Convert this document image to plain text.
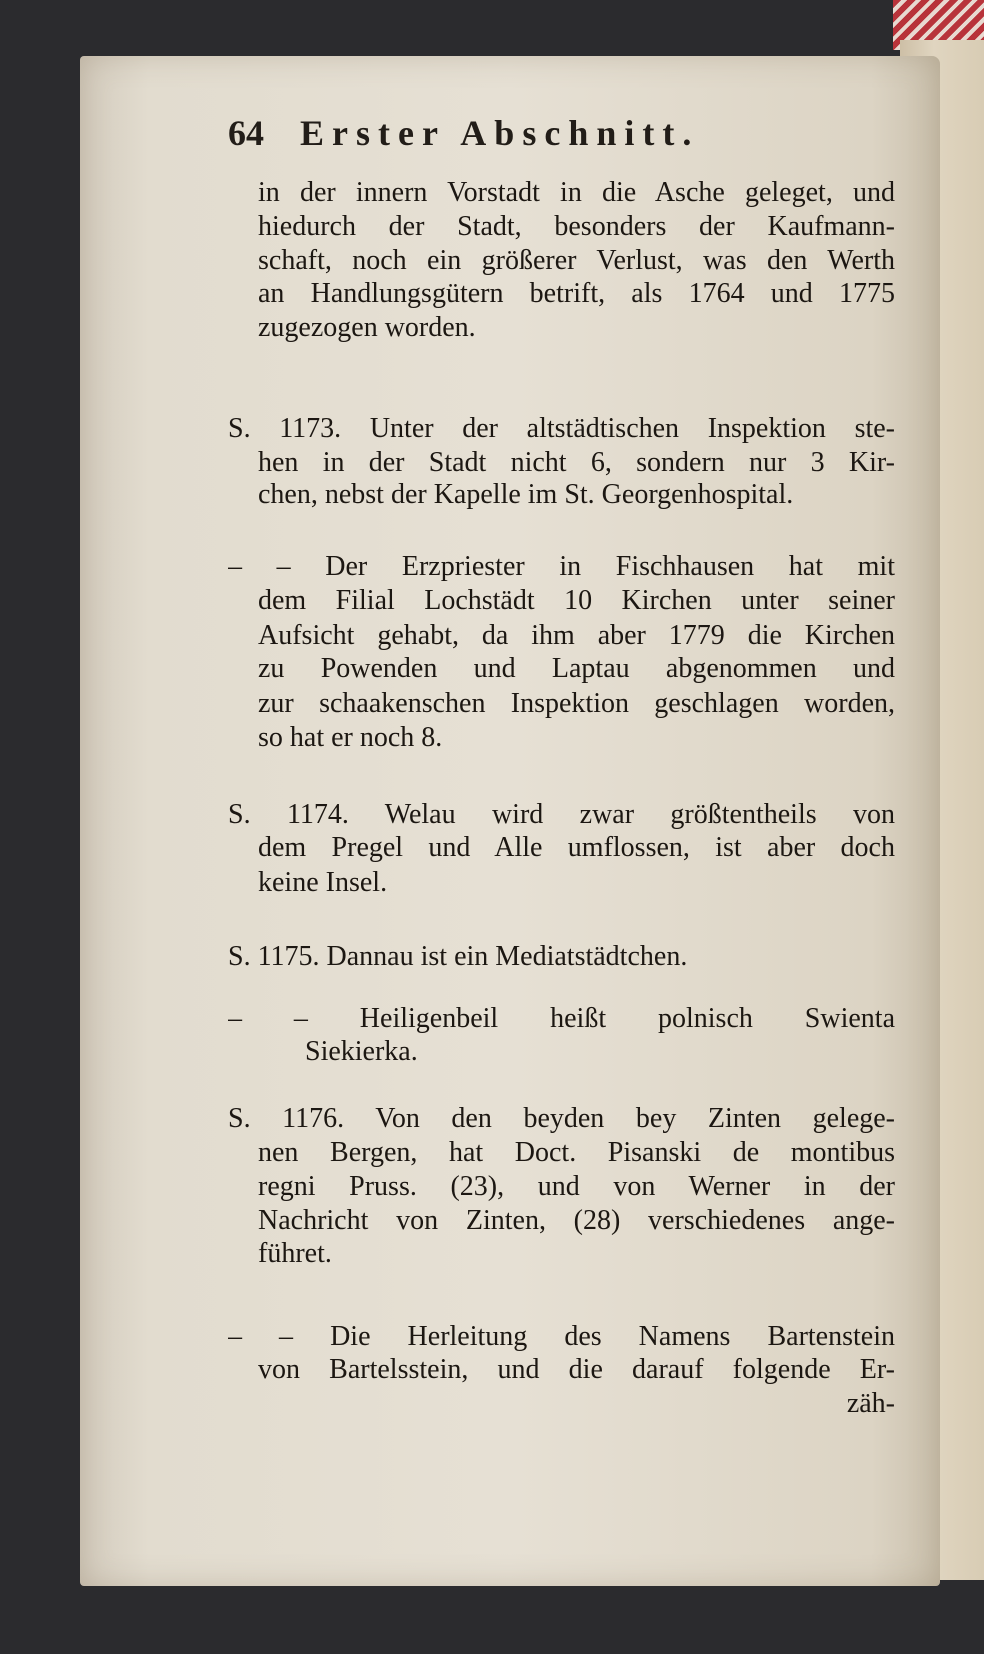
64 Erster Abschnitt.
in der innern Vorstadt in die Asche geleget, und
hiedurch der Stadt, besonders der Kaufmann-
schaft, noch ein größerer Verlust, was den Werth
an Handlungsgütern betrift, als 1764 und 1775
zugezogen worden.
S. 1173. Unter der altstädtischen Inspektion ste-
hen in der Stadt nicht 6, sondern nur 3 Kir-
chen, nebst der Kapelle im St. Georgenhospital.
– – Der Erzpriester in Fischhausen hat mit
dem Filial Lochstädt 10 Kirchen unter seiner
Aufsicht gehabt, da ihm aber 1779 die Kirchen
zu Powenden und Laptau abgenommen und
zur schaakenschen Inspektion geschlagen worden,
so hat er noch 8.
S. 1174. Welau wird zwar größtentheils von
dem Pregel und Alle umflossen, ist aber doch
keine Insel.
S. 1175. Dannau ist ein Mediatstädtchen.
– – Heiligenbeil heißt polnisch Swienta
Siekierka.
S. 1176. Von den beyden bey Zinten gelege-
nen Bergen, hat Doct. Pisanski de montibus
regni Pruss. (23), und von Werner in der
Nachricht von Zinten, (28) verschiedenes ange-
führet.
– – Die Herleitung des Namens Bartenstein
von Bartelsstein, und die darauf folgende Er-
zäh-
